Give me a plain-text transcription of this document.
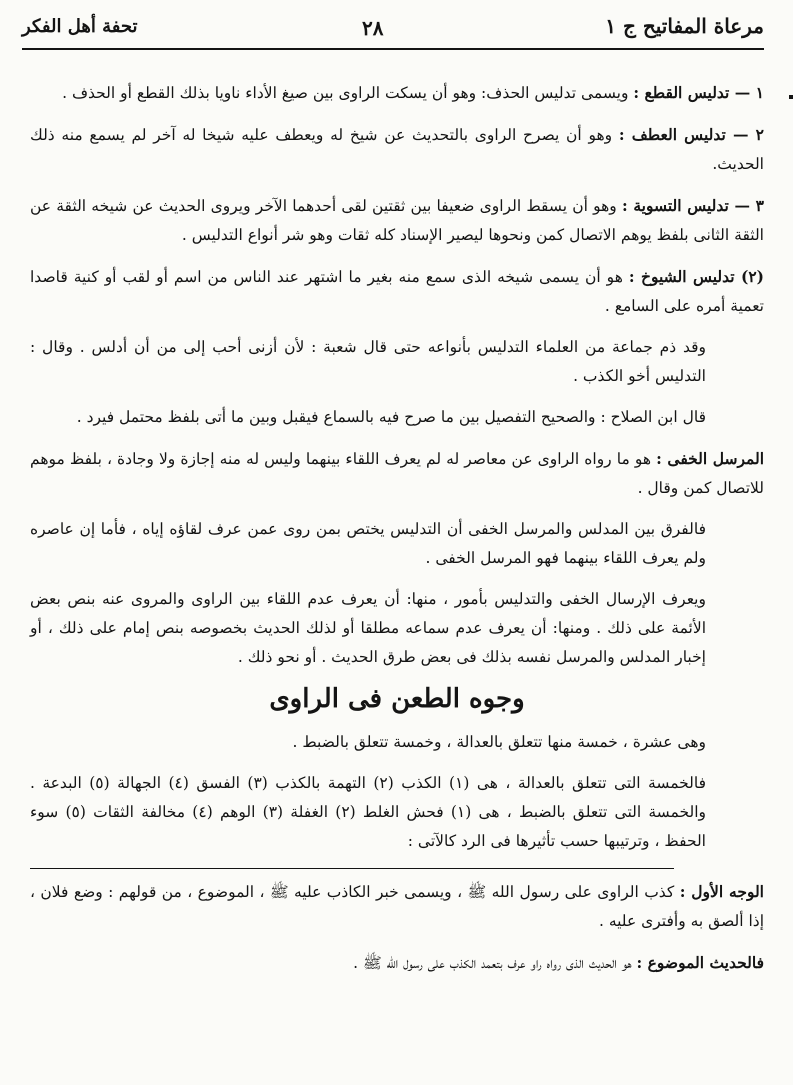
مرعاة المفاتيح ج ١
٢٨
تحفة أهل الفكر

١ — تدليس القطع : ويسمى تدليس الحذف: وهو أن يسكت الراوى بين صيغ الأداء ناويا بذلك القطع أو الحذف .

٢ — تدليس العطف : وهو أن يصرح الراوى بالتحديث عن شيخ له ويعطف عليه شيخا له آخر لم يسمع منه ذلك الحديث.

٣ — تدليس التسوية : وهو أن يسقط الراوى ضعيفا بين ثقتين لقى أحدهما الآخر ويروى الحديث عن شيخه الثقة عن الثقة الثانى بلفظ يوهم الاتصال كمن ونحوها ليصير الإسناد كله ثقات وهو شر أنواع التدليس .

(٢) تدليس الشيوخ : هو أن يسمى شيخه الذى سمع منه بغير ما اشتهر عند الناس من اسم أو لقب أو كنية قاصدا تعمية أمره على السامع .

وقد ذم جماعة من العلماء التدليس بأنواعه حتى قال شعبة : لأن أزنى أحب إلى من أن أدلس . وقال : التدليس أخو الكذب .

قال ابن الصلاح : والصحيح التفصيل بين ما صرح فيه بالسماع فيقبل وبين ما أتى بلفظ محتمل فيرد .

المرسل الخفى : هو ما رواه الراوى عن معاصر له لم يعرف اللقاء بينهما وليس له منه إجازة ولا وجادة ، بلفظ موهم للاتصال كمن وقال .

فالفرق بين المدلس والمرسل الخفى أن التدليس يختص بمن روى عمن عرف لقاؤه إياه ، فأما إن عاصره ولم يعرف اللقاء بينهما فهو المرسل الخفى .

ويعرف الإرسال الخفى والتدليس بأمور ، منها: أن يعرف عدم اللقاء بين الراوى والمروى عنه بنص بعض الأئمة على ذلك . ومنها: أن يعرف عدم سماعه مطلقا أو لذلك الحديث بخصوصه بنص إمام على ذلك ، أو إخبار المدلس والمرسل نفسه بذلك فى بعض طرق الحديث . أو نحو ذلك .

وجوه الطعن فى الراوى

وهى عشرة ، خمسة منها تتعلق بالعدالة ، وخمسة تتعلق بالضبط .

فالخمسة التى تتعلق بالعدالة ، هى (١) الكذب (٢) التهمة بالكذب (٣) الفسق (٤) الجهالة (٥) البدعة . والخمسة التى تتعلق بالضبط ، هى (١) فحش الغلط (٢) الغفلة (٣) الوهم (٤) مخالفة الثقات (٥) سوء الحفظ ، وترتيبها حسب تأثيرها فى الرد كالآتى :

الوجه الأول : كذب الراوى على رسول الله ﷺ ، ويسمى خبر الكاذب عليه ﷺ ، الموضوع ، من قولهم : وضع فلان ، إذا ألصق به وأفترى عليه .

فالحديث الموضوع : هو الحديث الذى رواه راو عرف بتعمد الكذب على رسول الله ﷺ .
